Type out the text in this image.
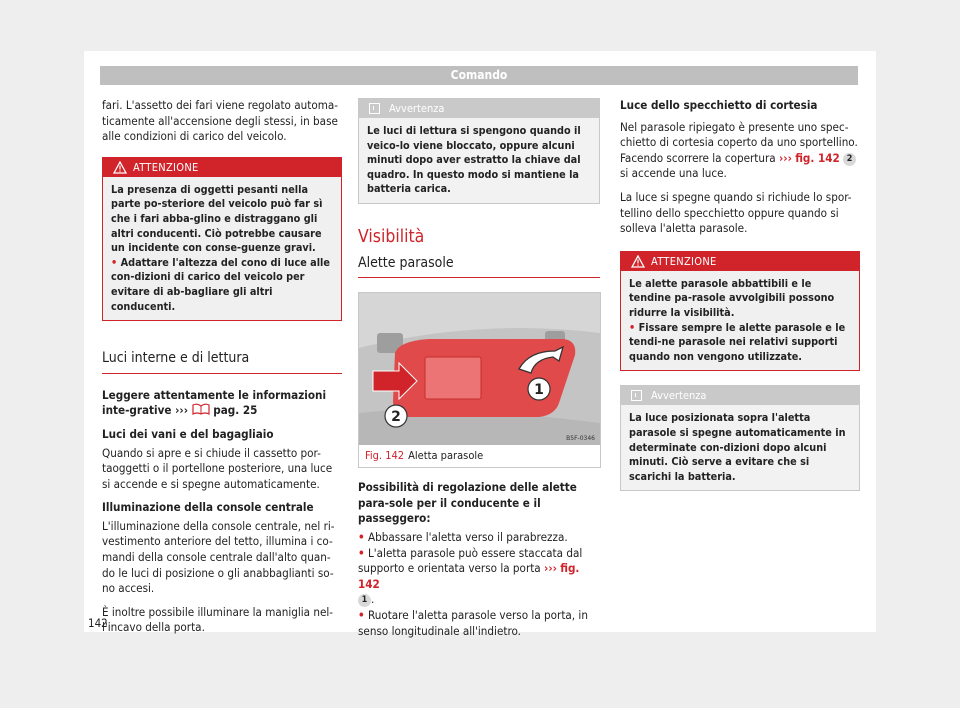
Comando

fari. L'assetto dei fari viene regolato automa-ticamente all'accensione degli stessi, in base alle condizioni di carico del veicolo.

ATTENZIONE
La presenza di oggetti pesanti nella parte po-steriore del veicolo può far sì che i fari abba-glino e distraggano gli altri conducenti. Ciò potrebbe causare un incidente con conse-guenze gravi.
• Adattare l'altezza del cono di luce alle con-dizioni di carico del veicolo per evitare di ab-bagliare gli altri conducenti.
Luci interne e di lettura

Leggere attentamente le informazioni inte-grative ››› pag. 25

Luci dei vani e del bagagliaio

Quando si apre e si chiude il cassetto por-taoggetti o il portellone posteriore, una luce si accende e si spegne automaticamente.

Illuminazione della console centrale

L'illuminazione della console centrale, nel ri-vestimento anteriore del tetto, illumina i co-mandi della console centrale dall'alto quan-do le luci di posizione o gli anabbaglianti so-no accesi.

È inoltre possibile illuminare la maniglia nel-l'incavo della porta.

Avvertenza
Le luci di lettura si spengono quando il veico-lo viene bloccato, oppure alcuni minuti dopo aver estratto la chiave dal quadro. In questo modo si mantiene la batteria carica.
Visibilità
Alette parasole
1
2
B5F-0346
Fig. 142 Aletta parasole

Possibilità di regolazione delle alette para-sole per il conducente e il passeggero:

• Abbassare l'aletta verso il parabrezza.

• L'aletta parasole può essere staccata dal supporto e orientata verso la porta ››› fig. 142
1 .

• Ruotare l'aletta parasole verso la porta, in senso longitudinale all'indietro.

Luce dello specchietto di cortesia

Nel parasole ripiegato è presente uno spec-chietto di cortesia coperto da uno sportellino. Facendo scorrere la copertura ››› fig. 142 2 si accende una luce.

La luce si spegne quando si richiude lo spor-tellino dello specchietto oppure quando si solleva l'aletta parasole.

ATTENZIONE
Le alette parasole abbattibili e le tendine pa-rasole avvolgibili possono ridurre la visibilità.
• Fissare sempre le alette parasole e le tendi-ne parasole nei relativi supporti quando non vengono utilizzate.
Avvertenza
La luce posizionata sopra l'aletta parasole si spegne automaticamente in determinate con-dizioni dopo alcuni minuti. Ciò serve a evitare che si scarichi la batteria.
142
